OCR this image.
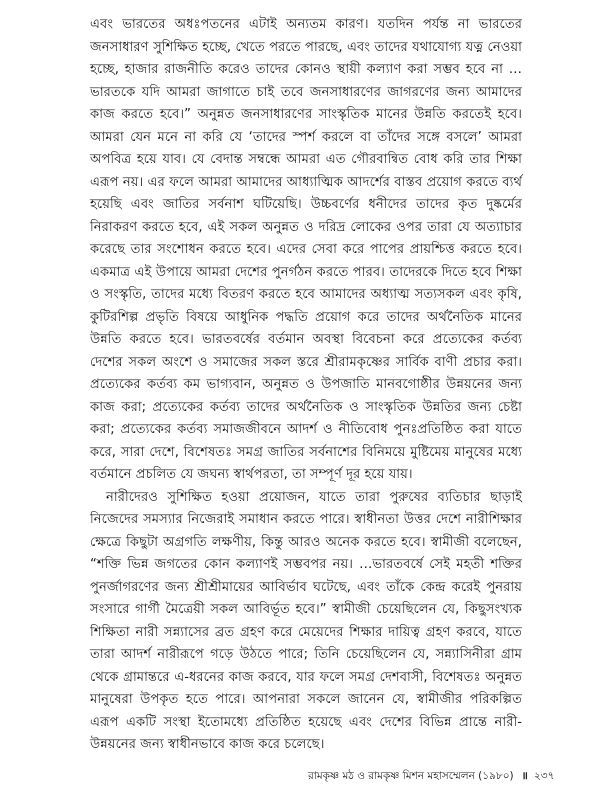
এবং ভারতের অধঃপতনের এটাই অন্যতম কারণ। যতদিন পর্যন্ত না ভারতের জনসাধারণ সুশিক্ষিত হচ্ছে, খেতে পরতে পারছে, এবং তাদের যথাযোগ্য যত্ন নেওয়া হচ্ছে, হাজার রাজনীতি করেও তাদের কোনও স্থায়ী কল্যাণ করা সম্ভব হবে না … ভারতকে যদি আমরা জাগাতে চাই তবে জনসাধারণের জাগরণের জন্য আমাদের কাজ করতে হবে।” অনুন্নত জনসাধারণের সাংস্কৃতিক মানের উন্নতি করতেই হবে। আমরা যেন মনে না করি যে ‘তাদের স্পর্শ করলে বা তাঁদের সঙ্গে বসলে’ আমরা অপবিত্র হয়ে যাব। যে বেদান্ত সম্বন্ধে আমরা এত গৌরবান্বিত বোধ করি তার শিক্ষা এরূপ নয়। এর ফলে আমরা আমাদের আধ্যাত্মিক আদর্শের বাস্তব প্রয়োগ করতে ব্যর্থ হয়েছি এবং জাতির সর্বনাশ ঘটিয়েছি। উচ্চবর্ণের ধনীদের তাদের কৃত দুষ্কর্মের নিরাকরণ করতে হবে, এই সকল অনুন্নত ও দরিদ্র লোকের ওপর তারা যে অত্যাচার করেছে তার সংশোধন করতে হবে। এদের সেবা করে পাপের প্রায়শ্চিত্ত করতে হবে। একমাত্র এই উপায়ে আমরা দেশের পুনর্গঠন করতে পারব। তাদেরকে দিতে হবে শিক্ষা ও সংস্কৃতি, তাদের মধ্যে বিতরণ করতে হবে আমাদের অধ্যাত্ম সত্যসকল এবং কৃষি, কুটিরশিল্প প্রভৃতি বিষয়ে আধুনিক পদ্ধতি প্রয়োগ করে তাদের অর্থনৈতিক মানের উন্নতি করতে হবে। ভারতবর্ষের বর্তমান অবস্থা বিবেচনা করে প্রত্যেকের কর্তব্য দেশের সকল অংশে ও সমাজের সকল স্তরে শ্রীরামকৃষ্ণের সার্বিক বাণী প্রচার করা। প্রত্যেকের কর্তব্য কম ভাগ্যবান, অনুন্নত ও উপজাতি মানবগোষ্ঠীর উন্নয়নের জন্য কাজ করা; প্রত্যেকের কর্তব্য তাদের অর্থনৈতিক ও সাংস্কৃতিক উন্নতির জন্য চেষ্টা করা; প্রত্যেকের কর্তব্য সমাজজীবনে আদর্শ ও নীতিবোধ পুনঃপ্রতিষ্ঠিত করা যাতে করে, সারা দেশে, বিশেষতঃ সমগ্র জাতির সর্বনাশের বিনিময়ে মুষ্টিমেয় মানুষের মধ্যে বর্তমানে প্রচলিত যে জঘন্য স্বার্থপরতা, তা সম্পূর্ণ দূর হয়ে যায়।

নারীদেরও সুশিক্ষিত হওয়া প্রয়োজন, যাতে তারা পুরুষের ব্যতিচার ছাড়াই নিজেদের সমস্যার নিজেরাই সমাধান করতে পারে। স্বাধীনতা উত্তর দেশে নারীশিক্ষার ক্ষেত্রে কিছুটা অগ্রগতি লক্ষণীয়, কিন্তু আরও অনেক করতে হবে। স্বামীজী বলেছেন, “শক্তি ভিন্ন জগতের কোন কল্যাণই সম্ভবপর নয়। …ভারতবর্ষে সেই মহতী শক্তির পুনর্জাগরণের জন্য শ্রীশ্রীমায়ের আবির্ভাব ঘটেছে, এবং তাঁকে কেন্দ্র করেই পুনরায় সংসারে গার্গী মৈত্রেয়ী সকল আবির্ভূত হবে।” স্বামীজী চেয়েছিলেন যে, কিছুসংখ্যক শিক্ষিতা নারী সন্ন্যাসের ব্রত গ্রহণ করে মেয়েদের শিক্ষার দায়িত্ব গ্রহণ করবে, যাতে তারা আদর্শ নারীরূপে গড়ে উঠতে পারে; তিনি চেয়েছিলেন যে, সন্ন্যাসিনীরা গ্রাম থেকে গ্রামান্তরে এ-ধরনের কাজ করবে, যার ফলে সমগ্র দেশবাসী, বিশেষতঃ অনুন্নত মানুষেরা উপকৃত হতে পারে। আপনারা সকলে জানেন যে, স্বামীজীর পরিকল্পিত এরূপ একটি সংস্থা ইতোমধ্যে প্রতিষ্ঠিত হয়েছে এবং দেশের বিভিন্ন প্রান্তে নারী-উন্নয়নের জন্য স্বাধীনভাবে কাজ করে চলেছে।

রামকৃষ্ণ মঠ ও রামকৃষ্ণ মিশন মহাসম্মেলন (১৯৮০) ॥ ২৩৭
